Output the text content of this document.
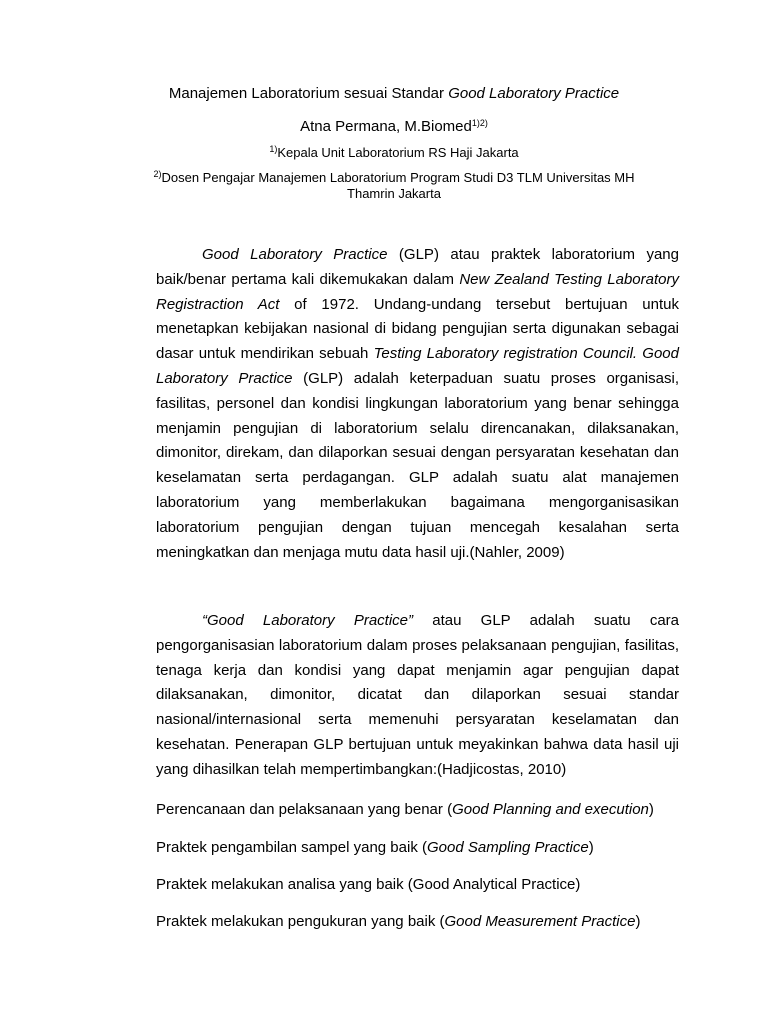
Manajemen Laboratorium sesuai Standar Good Laboratory Practice
Atna Permana, M.Biomed$^{1)2)}$
$^{1)}$Kepala Unit Laboratorium RS Haji Jakarta
$^{2)}$Dosen Pengajar Manajemen Laboratorium Program Studi D3 TLM Universitas MH Thamrin Jakarta

Good Laboratory Practice (GLP) atau praktek laboratorium yang baik/benar pertama kali dikemukakan dalam New Zealand Testing Laboratory Registraction Act of 1972. Undang-undang tersebut bertujuan untuk menetapkan kebijakan nasional di bidang pengujian serta digunakan sebagai dasar untuk mendirikan sebuah Testing Laboratory registration Council. Good Laboratory Practice (GLP) adalah keterpaduan suatu proses organisasi, fasilitas, personel dan kondisi lingkungan laboratorium yang benar sehingga menjamin pengujian di laboratorium selalu direncanakan, dilaksanakan, dimonitor, direkam, dan dilaporkan sesuai dengan persyaratan kesehatan dan keselamatan serta perdagangan. GLP adalah suatu alat manajemen laboratorium yang memberlakukan bagaimana mengorganisasikan laboratorium pengujian dengan tujuan mencegah kesalahan serta meningkatkan dan menjaga mutu data hasil uji.(Nahler, 2009)

“Good Laboratory Practice” atau GLP adalah suatu cara pengorganisasian laboratorium dalam proses pelaksanaan pengujian, fasilitas, tenaga kerja dan kondisi yang dapat menjamin agar pengujian dapat dilaksanakan, dimonitor, dicatat dan dilaporkan sesuai standar nasional/internasional serta memenuhi persyaratan keselamatan dan kesehatan. Penerapan GLP bertujuan untuk meyakinkan bahwa data hasil uji yang dihasilkan telah mempertimbangkan:(Hadjicostas, 2010)

Perencanaan dan pelaksanaan yang benar (Good Planning and execution)

Praktek pengambilan sampel yang baik (Good Sampling Practice)

Praktek melakukan analisa yang baik (Good Analytical Practice)

Praktek melakukan pengukuran yang baik (Good Measurement Practice)
